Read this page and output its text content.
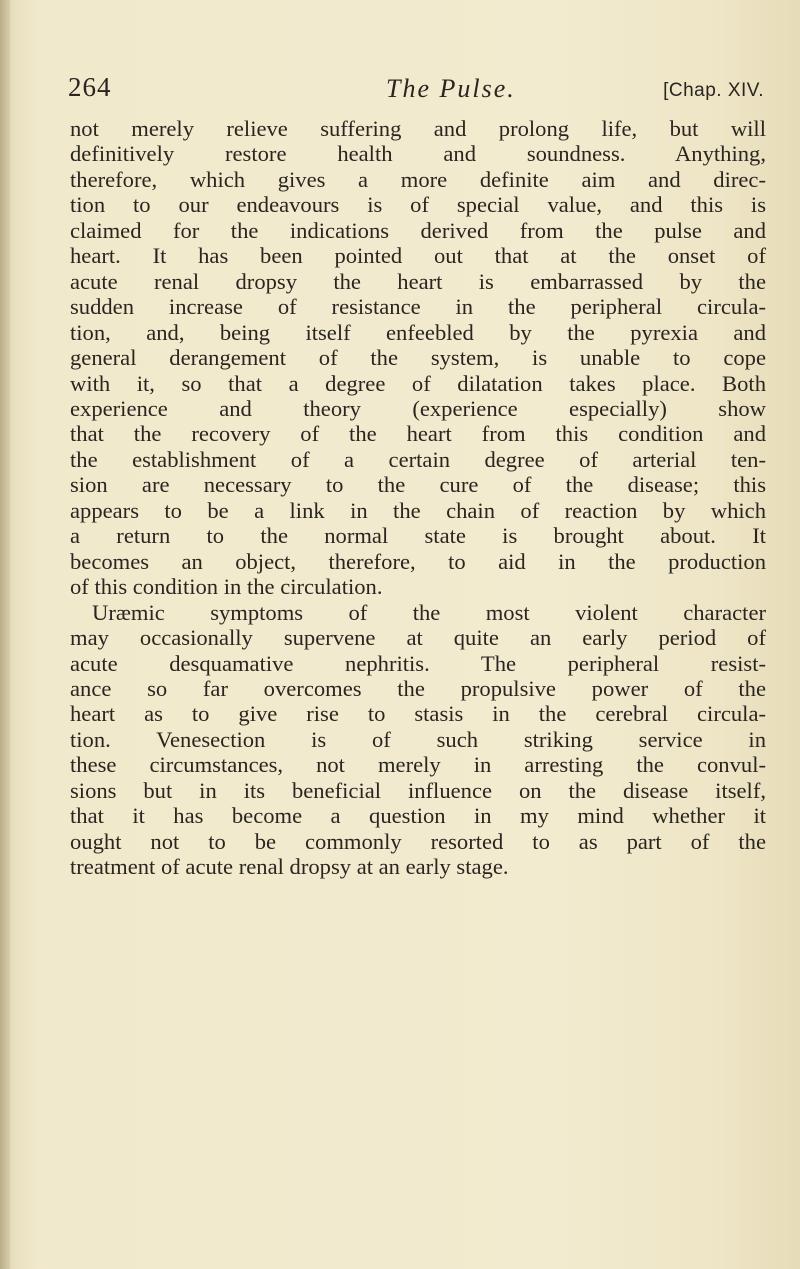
264	The Pulse.	[Chap. XIV.
not merely relieve suffering and prolong life, but will
definitively restore health and soundness. Anything,
therefore, which gives a more definite aim and direc-
tion to our endeavours is of special value, and this is
claimed for the indications derived from the pulse and
heart. It has been pointed out that at the onset of
acute renal dropsy the heart is embarrassed by the
sudden increase of resistance in the peripheral circula-
tion, and, being itself enfeebled by the pyrexia and
general derangement of the system, is unable to cope
with it, so that a degree of dilatation takes place. Both
experience and theory (experience especially) show
that the recovery of the heart from this condition and
the establishment of a certain degree of arterial ten-
sion are necessary to the cure of the disease; this
appears to be a link in the chain of reaction by which
a return to the normal state is brought about. It
becomes an object, therefore, to aid in the production
of this condition in the circulation.
Uræmic symptoms of the most violent character
may occasionally supervene at quite an early period of
acute desquamative nephritis. The peripheral resist-
ance so far overcomes the propulsive power of the
heart as to give rise to stasis in the cerebral circula-
tion. Venesection is of such striking service in
these circumstances, not merely in arresting the convul-
sions but in its beneficial influence on the disease itself,
that it has become a question in my mind whether it
ought not to be commonly resorted to as part of the
treatment of acute renal dropsy at an early stage.
